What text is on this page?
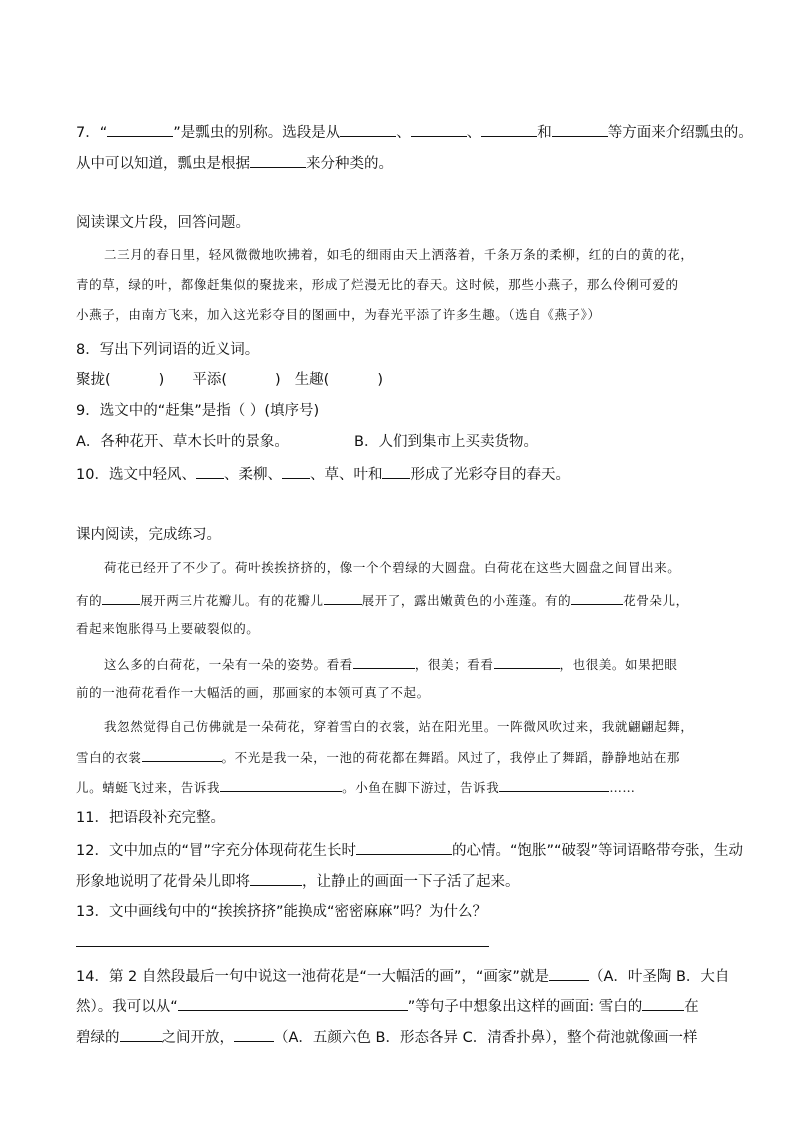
7．“	”是瓢虫的别称。选段是从	、	、	和	等方面来介绍瓢虫的。
从中可以知道，瓢虫是根据	来分种类的。
阅读课文片段，回答问题。
二三月的春日里，轻风微微地吹拂着，如毛的细雨由天上洒落着，千条万条的柔柳，红的白的黄的花，
青的草，绿的叶，都像赶集似的聚拢来，形成了烂漫无比的春天。这时候，那些小燕子，那么伶俐可爱的
小燕子，由南方飞来，加入这光彩夺目的图画中，为春光平添了许多生趣。（选自《燕子》）
8．写出下列词语的近义词。
聚拢(	) 平添(	) 生趣(	)
9．选文中的“赶集”是指（ ）(填序号)
A．各种花开、草木长叶的景象。	B．人们到集市上买卖货物。
10．选文中轻风、 、柔柳、 、草、叶和 形成了光彩夺目的春天。
课内阅读，完成练习。
荷花已经开了不少了。荷叶挨挨挤挤的，像一个个碧绿的大圆盘。白荷花在这些大圆盘之间冒出来。
有的	展开两三片花瓣儿。有的花瓣儿	展开了，露出嫩黄色的小莲蓬。有的	花骨朵儿，
看起来饱胀得马上要破裂似的。
这么多的白荷花，一朵有一朵的姿势。看看	，很美；看看	，也很美。如果把眼
前的一池荷花看作一大幅活的画，那画家的本领可真了不起。
我忽然觉得自己仿佛就是一朵荷花，穿着雪白的衣裳，站在阳光里。一阵微风吹过来，我就翩翩起舞，
雪白的衣裳	。不光是我一朵，一池的荷花都在舞蹈。风过了，我停止了舞蹈，静静地站在那
儿。蜻蜓飞过来，告诉我	。小鱼在脚下游过，告诉我	……
11．把语段补充完整。
12．文中加点的“冒”字充分体现荷花生长时	的心情。“饱胀”“破裂”等词语略带夸张，生动
形象地说明了花骨朵儿即将	，让静止的画面一下子活了起来。
13．文中画线句中的“挨挨挤挤”能换成“密密麻麻”吗？为什么？
14．第 2 自然段最后一句中说这一池荷花是“一大幅活的画”，“画家”就是	（A．叶圣陶 B．大自
然）。我可以从“	”等句子中想象出这样的画面: 雪白的	在
碧绿的	之间开放，	（A．五颜六色 B．形态各异 C．清香扑鼻），整个荷池就像画一样
